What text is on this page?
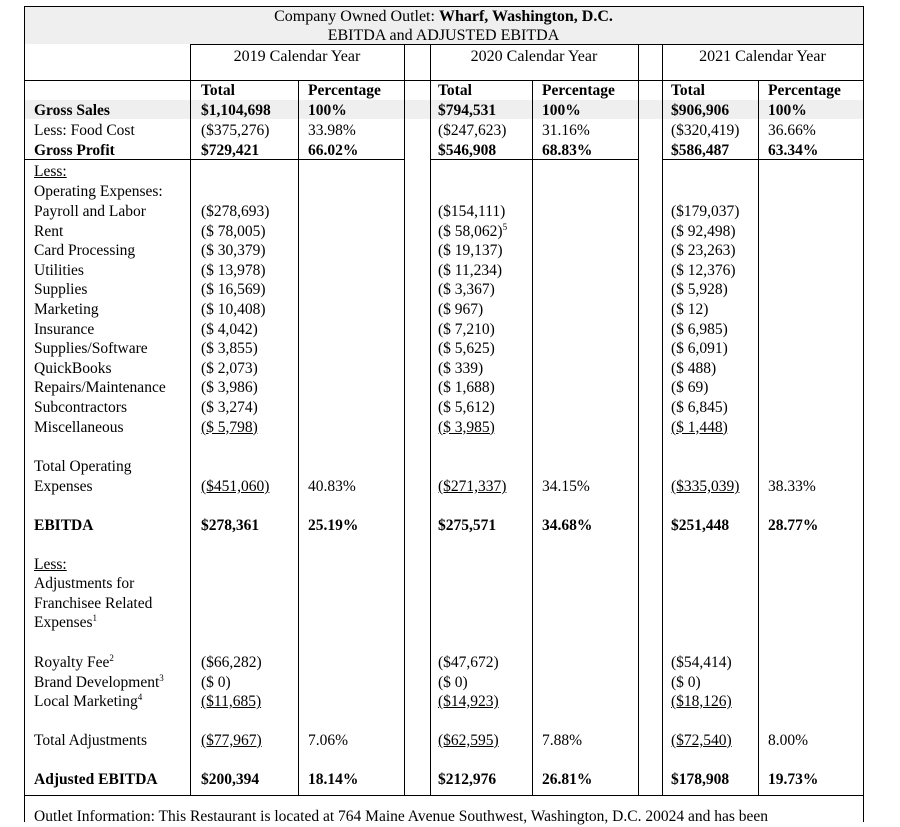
Company Owned Outlet: Wharf, Washington, D.C.
EBITDA and ADJUSTED EBITDA
2019 Calendar Year	2020 Calendar Year	2021 Calendar Year
Total	Percentage	Total	Percentage	Total	Percentage
Gross Sales	$1,104,698 100%	$794,531	100%	$906,906	100%
Less: Food Cost	($375,276) 33.98%	($247,623) 31.16%	($320,419) 36.66%
Gross Profit	$729,421	66.02%	$546,908	68.83%	$586,487	63.34%
Less:
Operating Expenses:
Payroll and Labor	($278,693)	($154,111)	($179,037)
Rent	($ 78,005)	($ 58,062)$^5$	($ 92,498)
Card Processing	($ 30,379)	($ 19,137)	($ 23,263)
Utilities	($ 13,978)	($ 11,234)	($ 12,376)
Supplies	($ 16,569)	($ 3,367)	($ 5,928)
Marketing	($ 10,408)	($ 967)	($ 12)
Insurance	($ 4,042)	($ 7,210)	($ 6,985)
Supplies/Software	($ 3,855)	($ 5,625)	($ 6,091)
QuickBooks	($ 2,073)	($ 339)	($ 488)
Repairs/Maintenance ($ 3,986)	($ 1,688)	($ 69)
Subcontractors	($ 3,274)	($ 5,612)	($ 6,845)
Miscellaneous	($ 5,798)	($ 3,985)	($ 1,448)
Total Operating
Expenses	($451,060) 40.83%	($271,337) 34.15%	($335,039) 38.33%
EBITDA	$278,361	25.19%	$275,571	34.68%	$251,448	28.77%
Less:
Adjustments for
Franchisee Related
Expenses$^1$
Royalty Fee$^2$	($66,282)	($47,672)	($54,414)
Brand Development$^3$ ($ 0)	($ 0)	($ 0)
Local Marketing$^4$	($11,685)	($14,923)	($18,126)
Total Adjustments	($77,967)	7.06%	($62,595)	7.88%	($72,540) 8.00%
Adjusted EBITDA	$200,394	18.14%	$212,976	26.81%	$178,908	19.73%
Outlet Information: This Restaurant is located at 764 Maine Avenue Southwest, Washington, D.C. 20024 and has been
